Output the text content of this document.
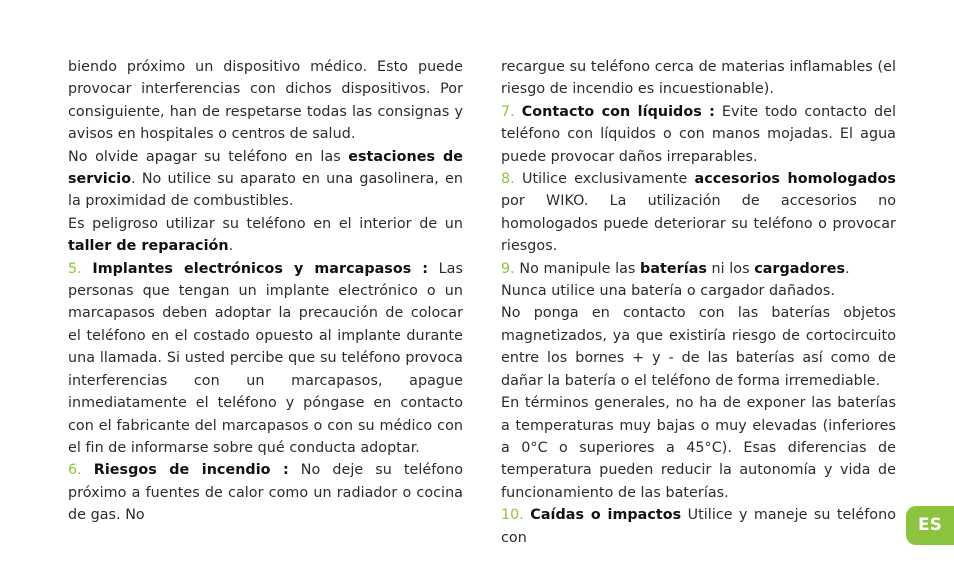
biendo próximo un dispositivo médico. Esto puede provocar interferencias con dichos dispositivos. Por consiguiente, han de respetarse todas las consignas y avisos en hospitales o centros de salud.

No olvide apagar su teléfono en las estaciones de servicio. No utilice su aparato en una gasolinera, en la proximidad de combustibles.

Es peligroso utilizar su teléfono en el interior de un taller de reparación.

5. Implantes electrónicos y marcapasos : Las personas que tengan un implante electrónico o un marcapasos deben adoptar la precaución de colocar el teléfono en el costado opuesto al implante durante una llamada. Si usted percibe que su teléfono provoca interferencias con un marcapasos, apague inmediatamente el teléfono y póngase en contacto con el fabricante del marcapasos o con su médico con el fin de informarse sobre qué conducta adoptar.

6. Riesgos de incendio : No deje su teléfono próximo a fuentes de calor como un radiador o cocina de gas. No

recargue su teléfono cerca de materias inflamables (el riesgo de incendio es incuestionable).

7. Contacto con líquidos : Evite todo contacto del teléfono con líquidos o con manos mojadas. El agua puede provocar daños irreparables.

8. Utilice exclusivamente accesorios homologados por WIKO. La utilización de accesorios no homologados puede deteriorar su teléfono o provocar riesgos.

9. No manipule las baterías ni los cargadores.

Nunca utilice una batería o cargador dañados.

No ponga en contacto con las baterías objetos magnetizados, ya que existiría riesgo de cortocircuito entre los bornes + y - de las baterías así como de dañar la batería o el teléfono de forma irremediable.

En términos generales, no ha de exponer las baterías a temperaturas muy bajas o muy elevadas (inferiores a 0°C o superiores a 45°C). Esas diferencias de temperatura pueden reducir la autonomía y vida de funcionamiento de las baterías.

10. Caídas o impactos Utilice y maneje su teléfono con

ES
